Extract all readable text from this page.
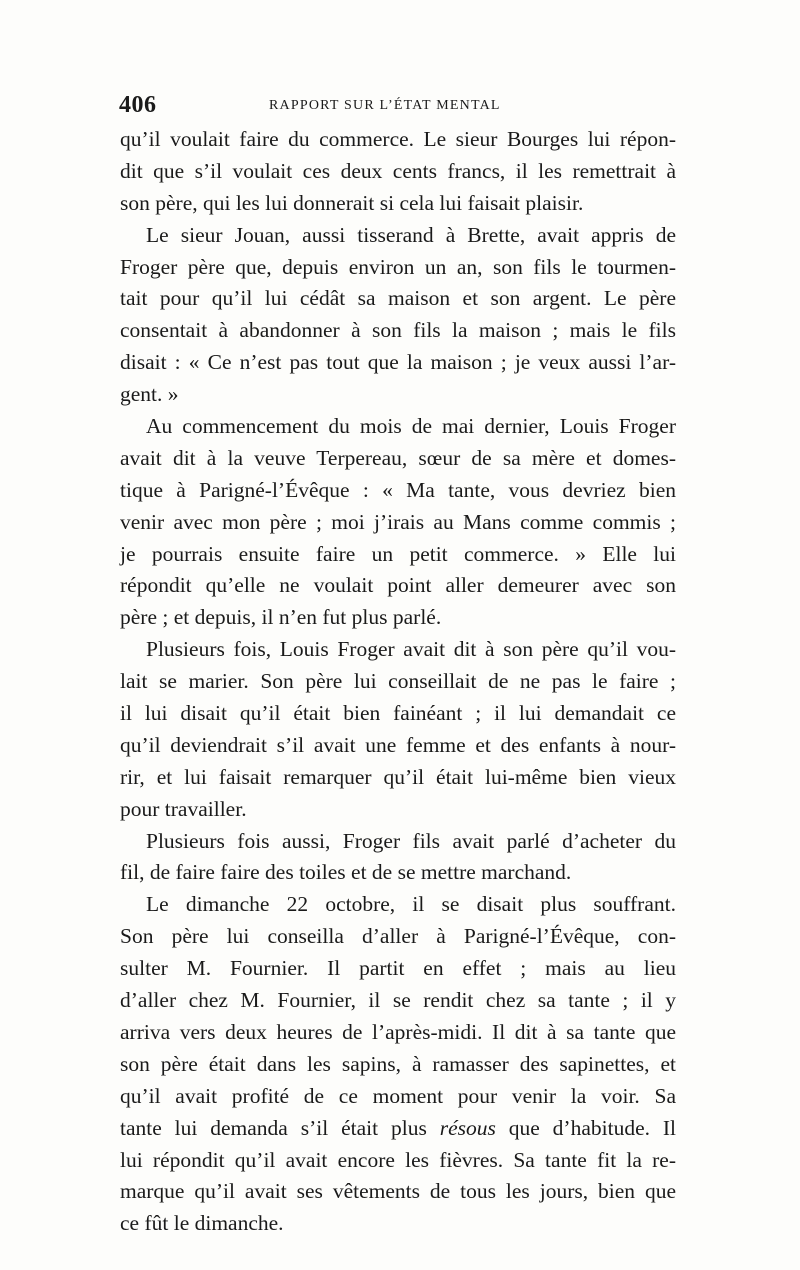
406	RAPPORT SUR L’ÉTAT MENTAL
qu’il voulait faire du commerce. Le sieur Bourges lui répon-
dit que s’il voulait ces deux cents francs, il les remettrait à
son père, qui les lui donnerait si cela lui faisait plaisir.
Le sieur Jouan, aussi tisserand à Brette, avait appris de
Froger père que, depuis environ un an, son fils le tourmen-
tait pour qu’il lui cédât sa maison et son argent. Le père
consentait à abandonner à son fils la maison ; mais le fils
disait : « Ce n’est pas tout que la maison ; je veux aussi l’ar-
gent. »
Au commencement du mois de mai dernier, Louis Froger
avait dit à la veuve Terpereau, sœur de sa mère et domes-
tique à Parigné-l’Évêque : « Ma tante, vous devriez bien
venir avec mon père ; moi j’irais au Mans comme commis ;
je pourrais ensuite faire un petit commerce. » Elle lui
répondit qu’elle ne voulait point aller demeurer avec son
père ; et depuis, il n’en fut plus parlé.
Plusieurs fois, Louis Froger avait dit à son père qu’il vou-
lait se marier. Son père lui conseillait de ne pas le faire ;
il lui disait qu’il était bien fainéant ; il lui demandait ce
qu’il deviendrait s’il avait une femme et des enfants à nour-
rir, et lui faisait remarquer qu’il était lui-même bien vieux
pour travailler.
Plusieurs fois aussi, Froger fils avait parlé d’acheter du
fil, de faire faire des toiles et de se mettre marchand.
Le dimanche 22 octobre, il se disait plus souffrant.
Son père lui conseilla d’aller à Parigné-l’Évêque, con-
sulter M. Fournier. Il partit en effet ; mais au lieu
d’aller chez M. Fournier, il se rendit chez sa tante ; il y
arriva vers deux heures de l’après-midi. Il dit à sa tante que
son père était dans les sapins, à ramasser des sapinettes, et
qu’il avait profité de ce moment pour venir la voir. Sa
tante lui demanda s’il était plus résous que d’habitude. Il
lui répondit qu’il avait encore les fièvres. Sa tante fit la re-
marque qu’il avait ses vêtements de tous les jours, bien que
ce fût le dimanche.
